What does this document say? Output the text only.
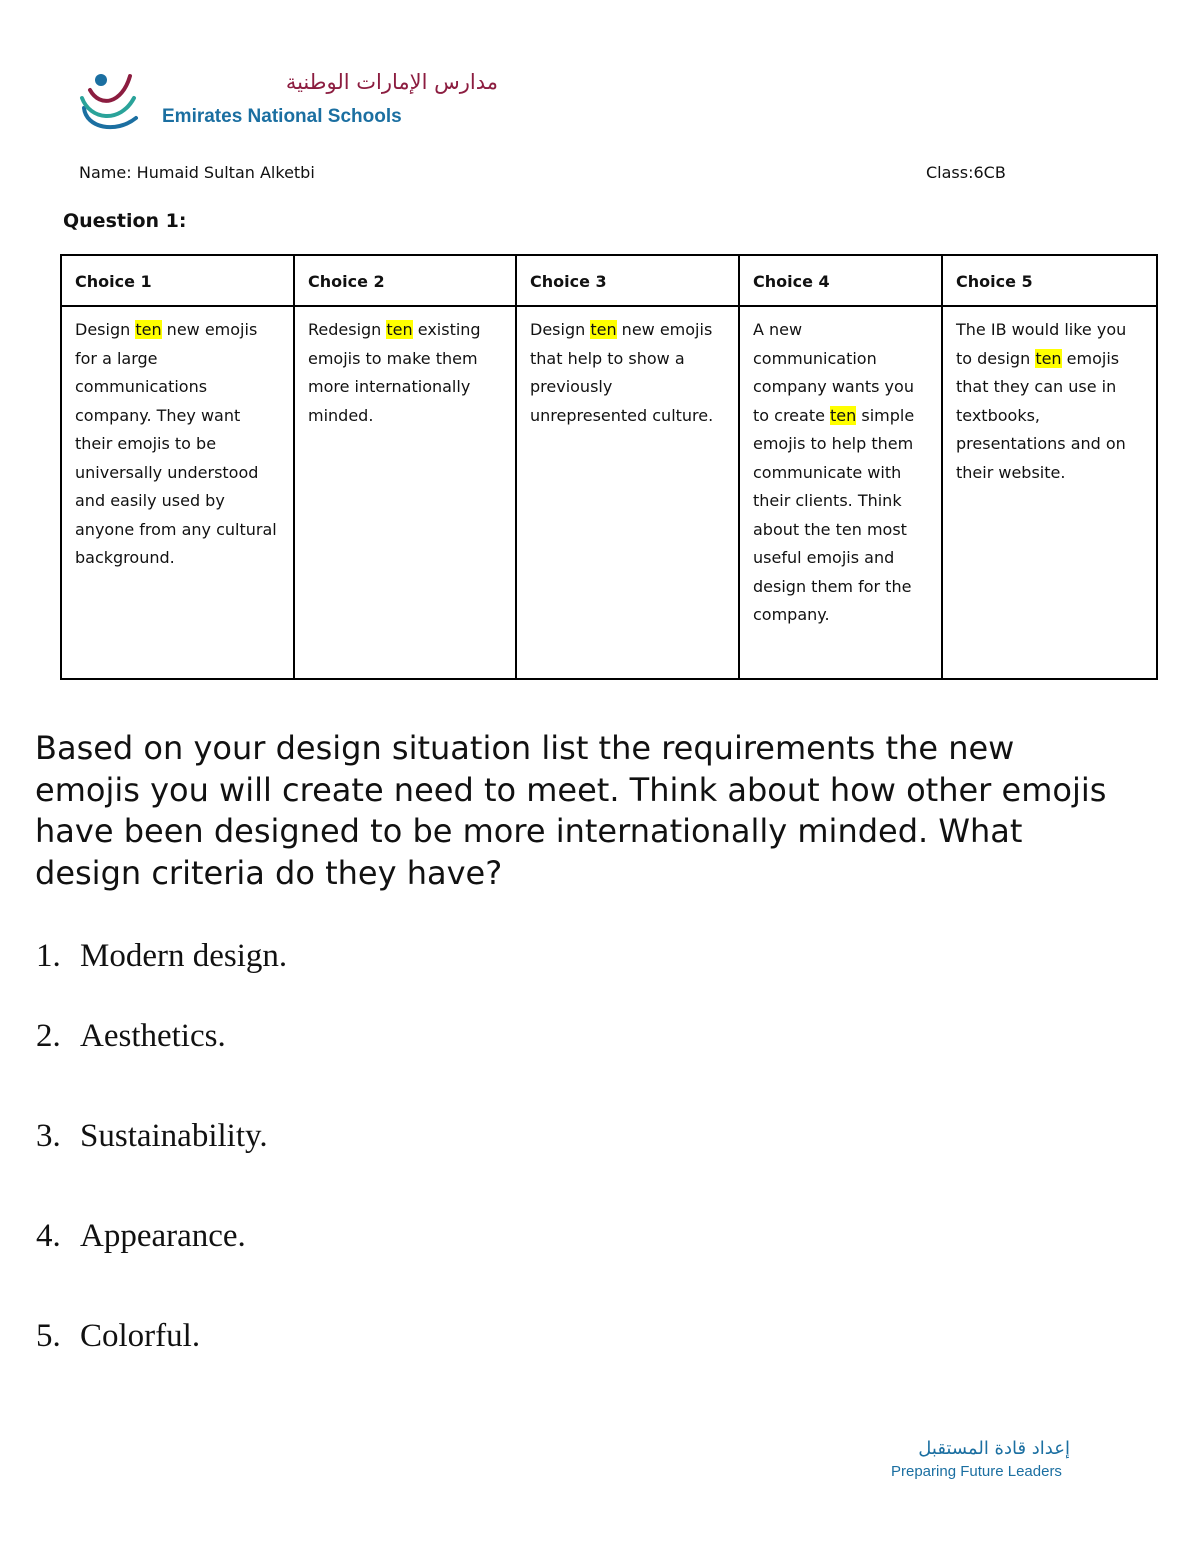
مدارس الإمارات الوطنية
Emirates National Schools
Name: Humaid Sultan Alketbi	Class:6CB
Question 1:
Choice 1	Choice 2	Choice 3	Choice 4	Choice 5
Design ten new emojis for a large communications company. They want their emojis to be universally understood and easily used by anyone from any cultural background.	Redesign ten existing emojis to make them more internationally minded.	Design ten new emojis that help to show a previously unrepresented culture.	A new communication company wants you to create ten simple emojis to help them communicate with their clients. Think about the ten most useful emojis and design them for the company.	The IB would like you to design ten emojis that they can use in textbooks, presentations and on their website.
Based on your design situation list the requirements the new
emojis you will create need to meet. Think about how other emojis
have been designed to be more internationally minded. What
design criteria do they have?
1. Modern design.
2. Aesthetics.
3. Sustainability.
4. Appearance.
5. Colorful.
إعداد قادة المستقبل
Preparing Future Leaders
